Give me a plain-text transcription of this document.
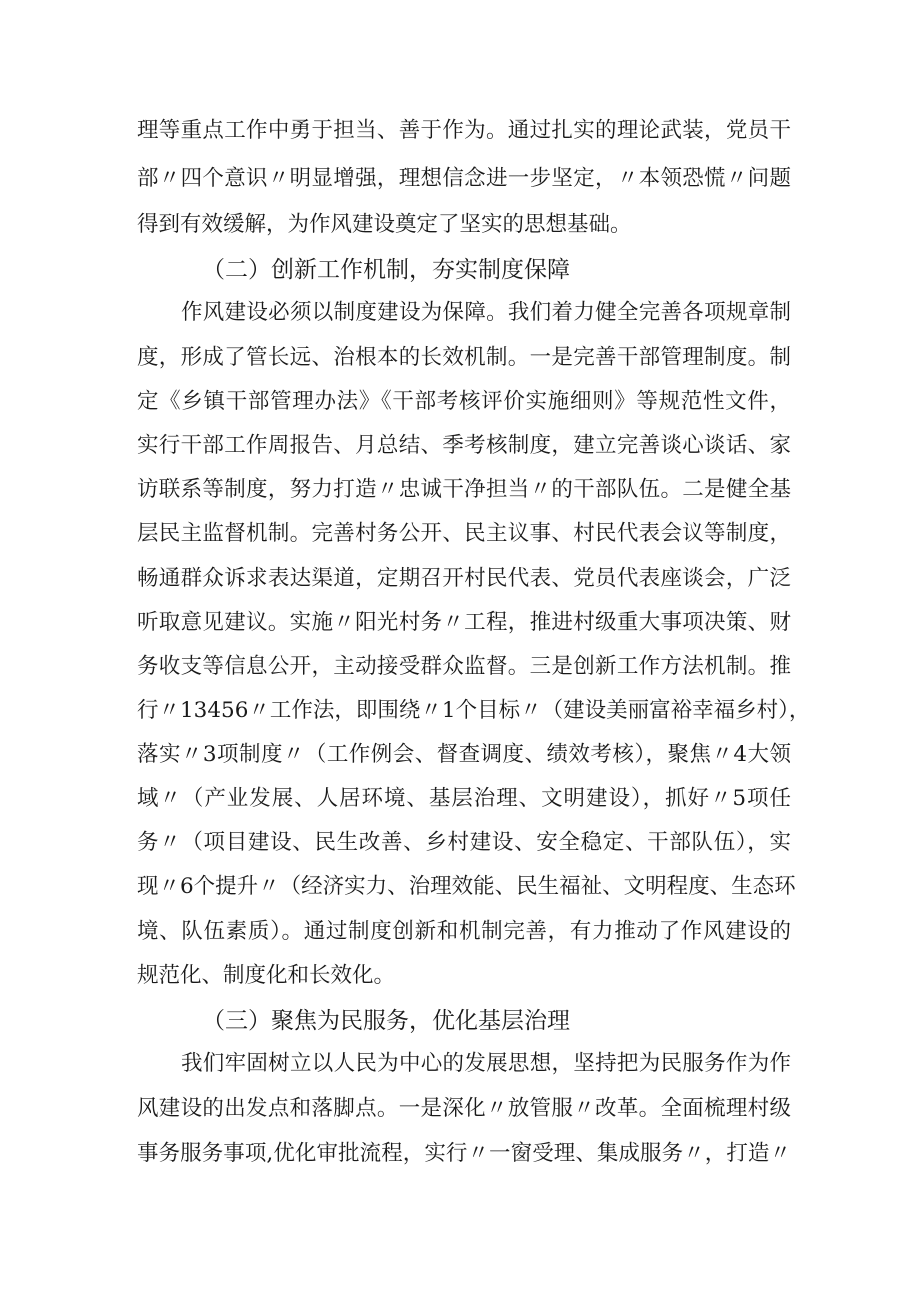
理等重点工作中勇于担当、善于作为。通过扎实的理论武装，党员干
部〃四个意识〃明显增强，理想信念进一步坚定，〃本领恐慌〃问题
得到有效缓解，为作风建设奠定了坚实的思想基础。
（二）创新工作机制，夯实制度保障
作风建设必须以制度建设为保障。我们着力健全完善各项规章制
度，形成了管长远、治根本的长效机制。一是完善干部管理制度。制
定《乡镇干部管理办法》《干部考核评价实施细则》等规范性文件，
实行干部工作周报告、月总结、季考核制度，建立完善谈心谈话、家
访联系等制度，努力打造〃忠诚干净担当〃的干部队伍。二是健全基
层民主监督机制。完善村务公开、民主议事、村民代表会议等制度，
畅通群众诉求表达渠道，定期召开村民代表、党员代表座谈会，广泛
听取意见建议。实施〃阳光村务〃工程，推进村级重大事项决策、财
务收支等信息公开，主动接受群众监督。三是创新工作方法机制。推
行〃13456〃工作法，即围绕〃1个目标〃（建设美丽富裕幸福乡村），
落实〃3项制度〃（工作例会、督查调度、绩效考核），聚焦〃4大领
域〃（产业发展、人居环境、基层治理、文明建设），抓好〃5项任
务〃（项目建设、民生改善、乡村建设、安全稳定、干部队伍），实
现〃6个提升〃（经济实力、治理效能、民生福祉、文明程度、生态环
境、队伍素质）。通过制度创新和机制完善，有力推动了作风建设的
规范化、制度化和长效化。
（三）聚焦为民服务，优化基层治理
我们牢固树立以人民为中心的发展思想，坚持把为民服务作为作
风建设的出发点和落脚点。一是深化〃放管服〃改革。全面梳理村级
事务服务事项,优化审批流程，实行〃一窗受理、集成服务〃，打造〃
